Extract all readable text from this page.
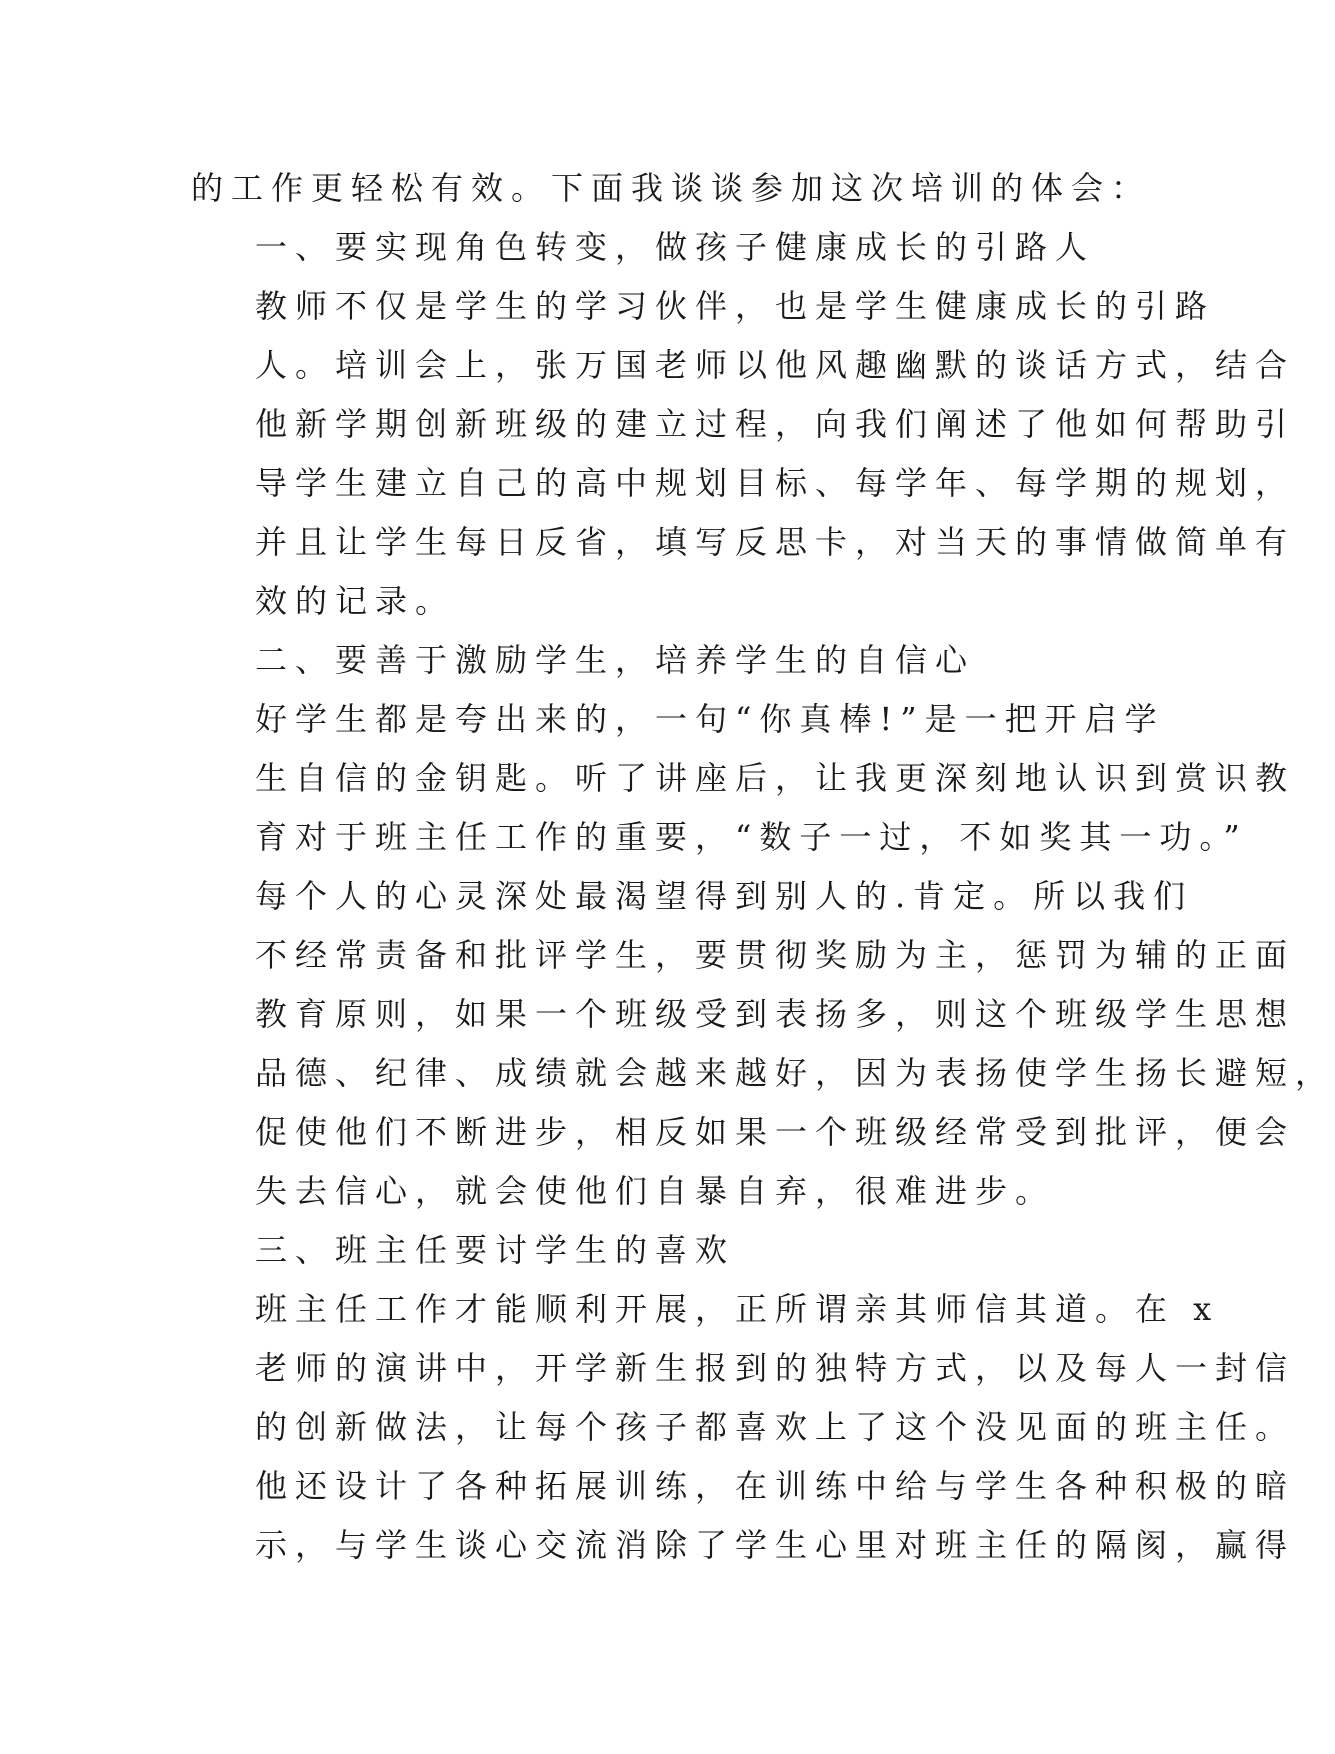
的工作更轻松有效。下面我谈谈参加这次培训的体会：

一、要实现角色转变，做孩子健康成长的引路人

教师不仅是学生的学习伙伴，也是学生健康成长的引路
人。培训会上，张万国老师以他风趣幽默的谈话方式，结合
他新学期创新班级的建立过程，向我们阐述了他如何帮助引
导学生建立自己的高中规划目标、每学年、每学期的规划，
并且让学生每日反省，填写反思卡，对当天的事情做简单有
效的记录。

二、要善于激励学生，培养学生的自信心

好学生都是夸出来的，一句“你真棒!”是一把开启学
生自信的金钥匙。听了讲座后，让我更深刻地认识到赏识教
育对于班主任工作的重要，“数子一过，不如奖其一功。”

每个人的心灵深处最渴望得到别人的.肯定。所以我们
不经常责备和批评学生，要贯彻奖励为主，惩罚为辅的正面
教育原则，如果一个班级受到表扬多，则这个班级学生思想
品德、纪律、成绩就会越来越好，因为表扬使学生扬长避短，
促使他们不断进步，相反如果一个班级经常受到批评，便会
失去信心，就会使他们自暴自弃，很难进步。

三、班主任要讨学生的喜欢

班主任工作才能顺利开展，正所谓亲其师信其道。在 x
老师的演讲中，开学新生报到的独特方式，以及每人一封信
的创新做法，让每个孩子都喜欢上了这个没见面的班主任。
他还设计了各种拓展训练，在训练中给与学生各种积极的暗
示，与学生谈心交流消除了学生心里对班主任的隔阂，赢得
